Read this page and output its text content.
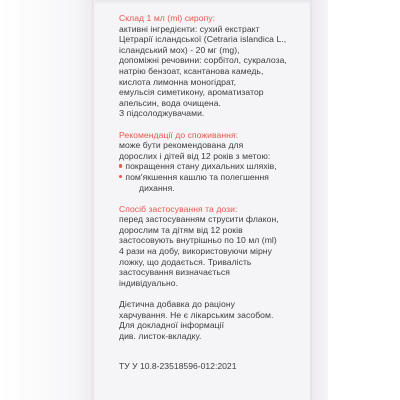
Склад 1 мл (ml) сиропу:
активні інгредієнти: сухий екстракт
Цетрарії ісландської (Cetraria islandica L.,
ісландський мох) - 20 мг (mg),
допоміжні речовини: сорбітол, сукралоза,
натрію бензоат, ксантанова камедь,
кислота лимонна моногідрат,
емульсія симетикону, ароматизатор
апельсин, вода очищена.
З підсолоджувачами.
Рекомендації до споживання:
може бути рекомендована для
дорослих і дітей від 12 років з метою:
покращення стану дихальних шляхів,
пом'якшення кашлю та полегшення
дихання.
Спосіб застосування та дози:
перед застосуванням струсити флакон,
дорослим та дітям від 12 років
застосовують внутрішньо по 10 мл (ml)
4 рази на добу, використовуючи мірну
ложку, що додається. Тривалість
застосування визначається
індивідуально.
Дієтична добавка до раціону
харчування. Не є лікарським засобом.
Для докладної інформації
див. листок-вкладку.
ТУ У 10.8-23518596-012:2021
